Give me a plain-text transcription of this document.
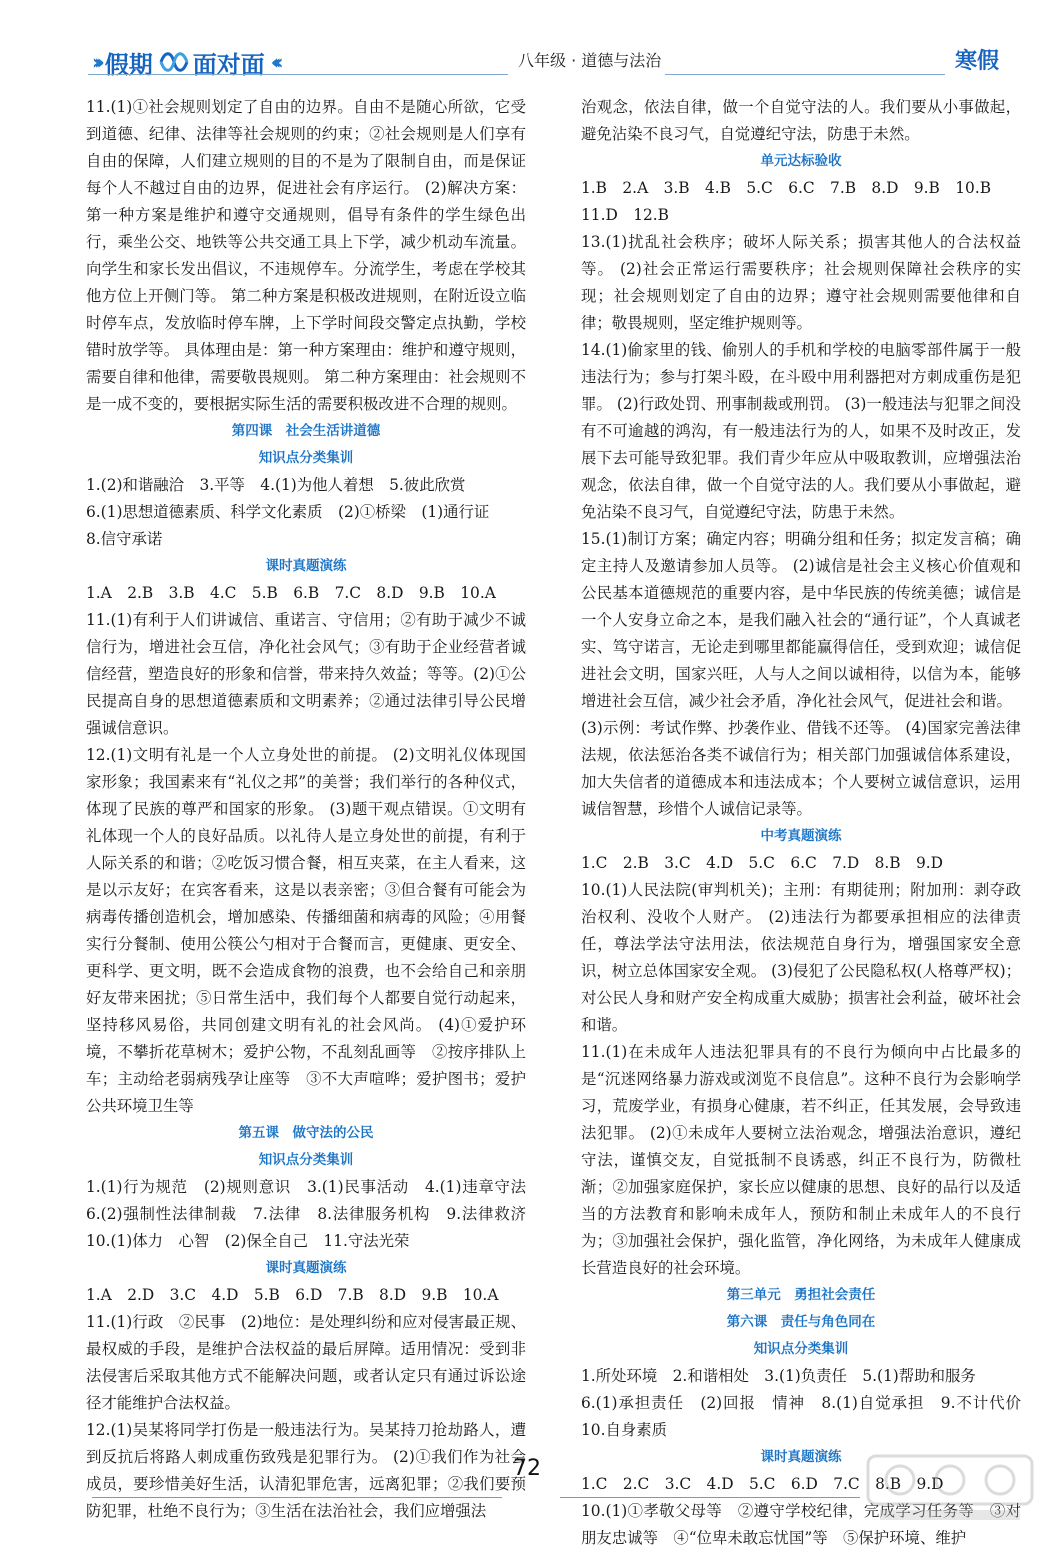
››› 假期 面对面 ‹‹‹	八年级 · 道德与法治	寒假

11.(1)①社会规则划定了自由的边界。自由不是随心所欲，它受到道德、纪律、法律等社会规则的约束；②社会规则是人们享有自由的保障，人们建立规则的目的不是为了限制自由，而是保证每个人不越过自由的边界，促进社会有序运行。 (2)解决方案：第一种方案是维护和遵守交通规则，倡导有条件的学生绿色出行，乘坐公交、地铁等公共交通工具上下学，减少机动车流量。向学生和家长发出倡议，不违规停车。分流学生，考虑在学校其他方位上开侧门等。 第二种方案是积极改进规则，在附近设立临时停车点，发放临时停车牌，上下学时间段交警定点执勤，学校错时放学等。 具体理由是：第一种方案理由：维护和遵守规则，需要自律和他律，需要敬畏规则。 第二种方案理由：社会规则不是一成不变的，要根据实际生活的需要积极改进不合理的规则。

第四课　社会生活讲道德

知识点分类集训

1.(2)和谐融洽　3.平等　4.(1)为他人着想　5.彼此欣赏

6.(1)思想道德素质、科学文化素质　(2)①桥梁　(1)通行证

8.信守承诺

课时真题演练

1.A　2.B　3.B　4.C　5.B　6.B　7.C　8.D　9.B　10.A

11.(1)有利于人们讲诚信、重诺言、守信用；②有助于减少不诚信行为，增进社会互信，净化社会风气；③有助于企业经营者诚信经营，塑造良好的形象和信誉，带来持久效益；等等。(2)①公民提高自身的思想道德素质和文明素养；②通过法律引导公民增强诚信意识。

12.(1)文明有礼是一个人立身处世的前提。 (2)文明礼仪体现国家形象；我国素来有“礼仪之邦”的美誉；我们举行的各种仪式，体现了民族的尊严和国家的形象。 (3)题干观点错误。①文明有礼体现一个人的良好品质。以礼待人是立身处世的前提，有利于人际关系的和谐；②吃饭习惯合餐，相互夹菜，在主人看来，这是以示友好；在宾客看来，这是以表亲密；③但合餐有可能会为病毒传播创造机会，增加感染、传播细菌和病毒的风险；④用餐实行分餐制、使用公筷公勺相对于合餐而言，更健康、更安全、更科学、更文明，既不会造成食物的浪费，也不会给自己和亲朋好友带来困扰；⑤日常生活中，我们每个人都要自觉行动起来，坚持移风易俗，共同创建文明有礼的社会风尚。 (4)①爱护环境，不攀折花草树木；爱护公物，不乱刻乱画等　②按序排队上车；主动给老弱病残孕让座等　③不大声喧哗；爱护图书；爱护公共环境卫生等

第五课　做守法的公民

知识点分类集训

1.(1)行为规范　(2)规则意识　3.(1)民事活动　4.(1)违章守法　6.(2)强制性法律制裁　7.法律　8.法律服务机构　9.法律救济　10.(1)体力　心智　(2)保全自己　11.守法光荣

课时真题演练

1.A　2.D　3.C　4.D　5.B　6.D　7.B　8.D　9.B　10.A

11.(1)行政　②民事　(2)地位：是处理纠纷和应对侵害最正规、最权威的手段，是维护合法权益的最后屏障。适用情况：受到非法侵害后采取其他方式不能解决问题，或者认定只有通过诉讼途径才能维护合法权益。

12.(1)吴某将同学打伤是一般违法行为。吴某持刀抢劫路人，遭到反抗后将路人刺成重伤致残是犯罪行为。 (2)①我们作为社会成员，要珍惜美好生活，认清犯罪危害，远离犯罪；②我们要预防犯罪，杜绝不良行为；③生活在法治社会，我们应增强法

治观念，依法自律，做一个自觉守法的人。我们要从小事做起，避免沾染不良习气，自觉遵纪守法，防患于未然。

单元达标验收

1.B　2.A　3.B　4.B　5.C　6.C　7.B　8.D　9.B　10.B

11.D　12.B

13.(1)扰乱社会秩序；破坏人际关系；损害其他人的合法权益等。 (2)社会正常运行需要秩序；社会规则保障社会秩序的实现；社会规则划定了自由的边界；遵守社会规则需要他律和自律；敬畏规则，坚定维护规则等。

14.(1)偷家里的钱、偷别人的手机和学校的电脑零部件属于一般违法行为；参与打架斗殴，在斗殴中用利器把对方刺成重伤是犯罪。 (2)行政处罚、刑事制裁或刑罚。 (3)一般违法与犯罪之间没有不可逾越的鸿沟，有一般违法行为的人，如果不及时改正，发展下去可能导致犯罪。我们青少年应从中吸取教训，应增强法治观念，依法自律，做一个自觉守法的人。我们要从小事做起，避免沾染不良习气，自觉遵纪守法，防患于未然。

15.(1)制订方案；确定内容；明确分组和任务；拟定发言稿；确定主持人及邀请参加人员等。 (2)诚信是社会主义核心价值观和公民基本道德规范的重要内容，是中华民族的传统美德；诚信是一个人安身立命之本，是我们融入社会的“通行证”，个人真诚老实、笃守诺言，无论走到哪里都能赢得信任，受到欢迎；诚信促进社会文明，国家兴旺，人与人之间以诚相待，以信为本，能够增进社会互信，减少社会矛盾，净化社会风气，促进社会和谐。

(3)示例：考试作弊、抄袭作业、借钱不还等。 (4)国家完善法律法规，依法惩治各类不诚信行为；相关部门加强诚信体系建设，加大失信者的道德成本和违法成本；个人要树立诚信意识，运用诚信智慧，珍惜个人诚信记录等。

中考真题演练

1.C　2.B　3.C　4.D　5.C　6.C　7.D　8.B　9.D

10.(1)人民法院(审判机关)；主刑：有期徒刑；附加刑：剥夺政治权利、没收个人财产。 (2)违法行为都要承担相应的法律责任，尊法学法守法用法，依法规范自身行为，增强国家安全意识，树立总体国家安全观。 (3)侵犯了公民隐私权(人格尊严权)；对公民人身和财产安全构成重大威胁；损害社会利益，破坏社会和谐。

11.(1)在未成年人违法犯罪具有的不良行为倾向中占比最多的是“沉迷网络暴力游戏或浏览不良信息”。这种不良行为会影响学习，荒废学业，有损身心健康，若不纠正，任其发展，会导致违法犯罪。 (2)①未成年人要树立法治观念，增强法治意识，遵纪守法，谨慎交友，自觉抵制不良诱惑，纠正不良行为，防微杜渐；②加强家庭保护，家长应以健康的思想、良好的品行以及适当的方法教育和影响未成年人，预防和制止未成年人的不良行为；③加强社会保护，强化监管，净化网络，为未成年人健康成长营造良好的社会环境。

第三单元　勇担社会责任

第六课　责任与角色同在

知识点分类集训

1.所处环境　2.和谐相处　3.(1)负责任　5.(1)帮助和服务

6.(1)承担责任　(2)回报　情神　8.(1)自觉承担　9.不计代价　10.自身素质

课时真题演练

1.C　2.C　3.C　4.D　5.C　6.D　7.C　8.B　9.D

10.(1)①孝敬父母等　②遵守学校纪律，完成学习任务等　③对朋友忠诚等　④“位卑未敢忘忧国”等　⑤保护环境、维护

72
